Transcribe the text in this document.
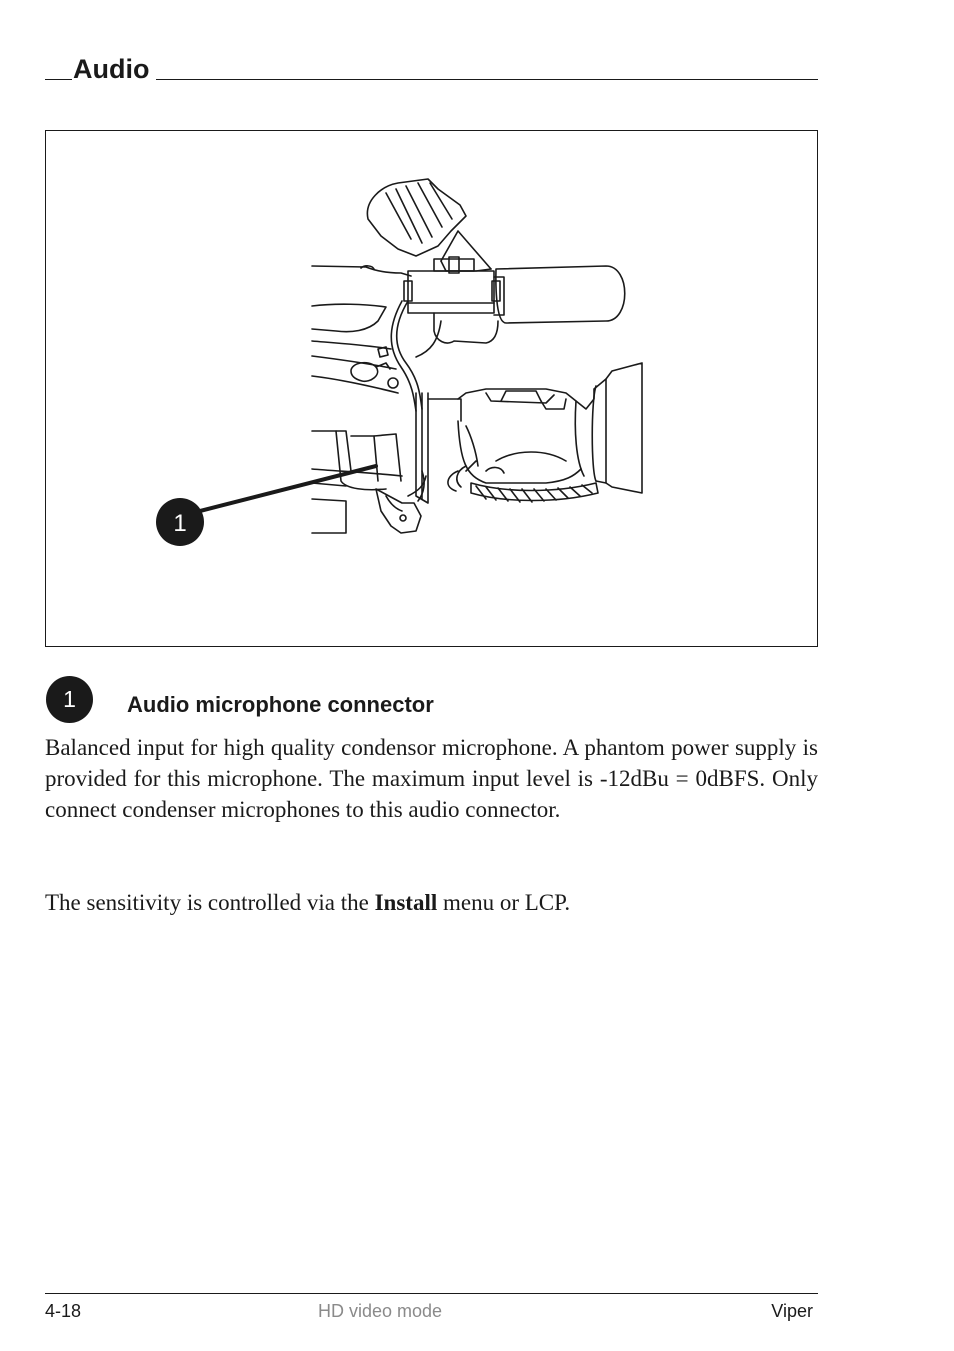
Audio
1
1 Audio microphone connector
Balanced input for high quality condensor microphone. A phantom power supply is provided for this microphone. The maximum input level is -12dBu = 0dBFS. Only connect condenser microphones to this audio connector.
The sensitivity is controlled via the Install menu or LCP.
4-18	HD video mode	Viper
